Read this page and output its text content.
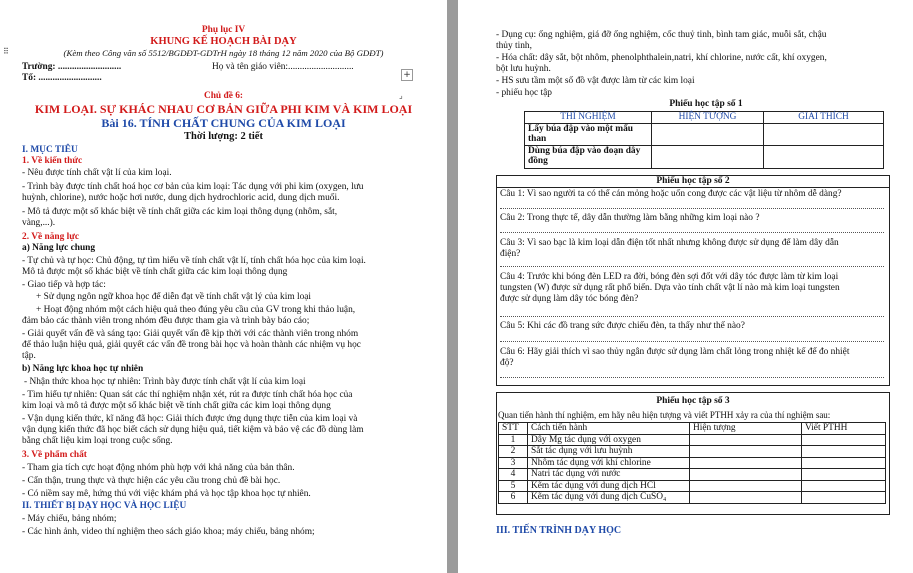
Phụ lục IV
KHUNG KẾ HOẠCH BÀI DẠY
(Kèm theo Công văn số 5512/BGDĐT-GDTrH ngày 18 tháng 12 năm 2020 của Bộ GDĐT)
Trường: ...........................	Họ và tên giáo viên:............................
Tổ: ...........................
Chủ đề 6:
KIM LOẠI. SỰ KHÁC NHAU CƠ BẢN GIỮA PHI KIM VÀ KIM LOẠI
Bài 16. TÍNH CHẤT CHUNG CỦA KIM LOẠI
Thời lượng: 2 tiết
I. MỤC TIÊU
1. Về kiến thức
- Nêu được tính chất vật lí của kim loại.
- Trình bày được tính chất hoá học cơ bản của kim loại: Tác dụng với phi kim (oxygen, lưu
huỳnh, chlorine), nước hoặc hơi nước, dung dịch hydrochloric acid, dung dịch muối.
- Mô tả được một số khác biệt về tính chất giữa các kim loại thông dụng (nhôm, sắt,
vàng,...).
2. Về năng lực
a) Năng lực chung
- Tự chủ và tự học: Chủ động, tự tìm hiểu về tính chất vật lí, tính chất hóa học của kim loại.
Mô tả được một số khác biệt về tính chất giữa các kim loại thông dụng
- Giao tiếp và hợp tác:
+ Sử dụng ngôn ngữ khoa học để diễn đạt về tính chất vật lý của kim loại
+ Hoạt động nhóm một cách hiệu quả theo đúng yêu cầu của GV trong khi thảo luận,
đảm bảo các thành viên trong nhóm đều được tham gia và trình bày báo cáo;
- Giải quyết vấn đề và sáng tạo: Giải quyết vấn đề kịp thời với các thành viên trong nhóm
để thảo luận hiệu quả, giải quyết các vấn đề trong bài học và hoàn thành các nhiệm vụ học
tập.
b) Năng lực khoa học tự nhiên
- Nhận thức khoa học tự nhiên: Trình bày được tính chất vật lí của kim loại
- Tìm hiểu tự nhiên: Quan sát các thí nghiệm nhận xét, rút ra được tính chất hóa học của
kim loại và mô tả được một số khác biệt về tính chất giữa các kim loại thông dụng
- Vận dụng kiến thức, kĩ năng đã học: Giải thích được ứng dụng thực tiễn của kim loại và
vận dụng kiến thức đã học biết cách sử dụng hiệu quả, tiết kiệm và bảo vệ các đồ dùng làm
bằng chất liệu kim loại trong cuộc sống.
3. Về phẩm chất
- Tham gia tích cực hoạt động nhóm phù hợp với khả năng của bản thân.
- Cẩn thận, trung thực và thực hiện các yêu cầu trong chủ đề bài học.
- Có niềm say mê, hứng thú với việc khám phá và học tập khoa học tự nhiên.
II. THIẾT BỊ DẠY HỌC VÀ HỌC LIỆU
- Máy chiếu, bảng nhóm;
- Các hình ảnh, video thí nghiệm theo sách giáo khoa; máy chiếu, bảng nhóm;
⠿
+
⌟
- Dụng cụ: ống nghiệm, giá đỡ ống nghiệm, cốc thuỷ tinh, bình tam giác, muỗi sắt, chậu
thủy tinh,
- Hóa chất: dây sắt, bột nhôm, phenolphthalein,natri, khí chlorine, nước cất, khí oxygen,
bột lưu huỳnh.
- HS sưu tầm một số đồ vật được làm từ các kim loại
- phiếu học tập
Phiếu học tập số 1
THÍ NGHIỆM	HIỆN TƯỢNG	GIẢI THÍCH
Lấy búa đập vào một mẩu than		
Dùng búa đập vào đoạn dây
đồng		
Phiếu học tập số 2
Câu 1: Vì sao người ta có thể cán mỏng hoặc uốn cong được các vật liệu từ nhôm dễ dàng?
Câu 2: Trong thực tế, dây dẫn thường làm bằng những kim loại nào ?
Câu 3: Vì sao bạc là kim loại dẫn điện tốt nhất nhưng không được sử dụng để làm dây dẫn
điện?
Câu 4: Trước khi bóng đèn LED ra đời, bóng đèn sợi đốt với dây tóc được làm từ kim loại
tungsten (W) được sử dụng rất phổ biến. Dựa vào tính chất vật lí nào mà kim loại tungsten
được sử dụng làm dây tóc bóng đèn?
Câu 5: Khi các đồ trang sức được chiếu đèn, ta thấy như thế nào?
Câu 6: Hãy giải thích vì sao thủy ngân được sử dụng làm chất lỏng trong nhiệt kế để đo nhiệt
độ?
Phiếu học tập số 3
Quan tiến hành thí nghiệm, em hãy nêu hiện tượng và viết PTHH xảy ra của thí nghiệm sau:
STT	Cách tiến hành	Hiện tượng	Viết PTHH
1	Dây Mg tác dụng với oxygen		
2	Sắt tác dụng với lưu huỳnh		
3	Nhôm tác dụng với khí chlorine		
4	Natri tác dụng với nước		
5	Kẽm tác dụng với dung dịch HCl		
6	Kẽm tác dụng với dung dịch CuSO₄		
III. TIẾN TRÌNH DẠY HỌC
